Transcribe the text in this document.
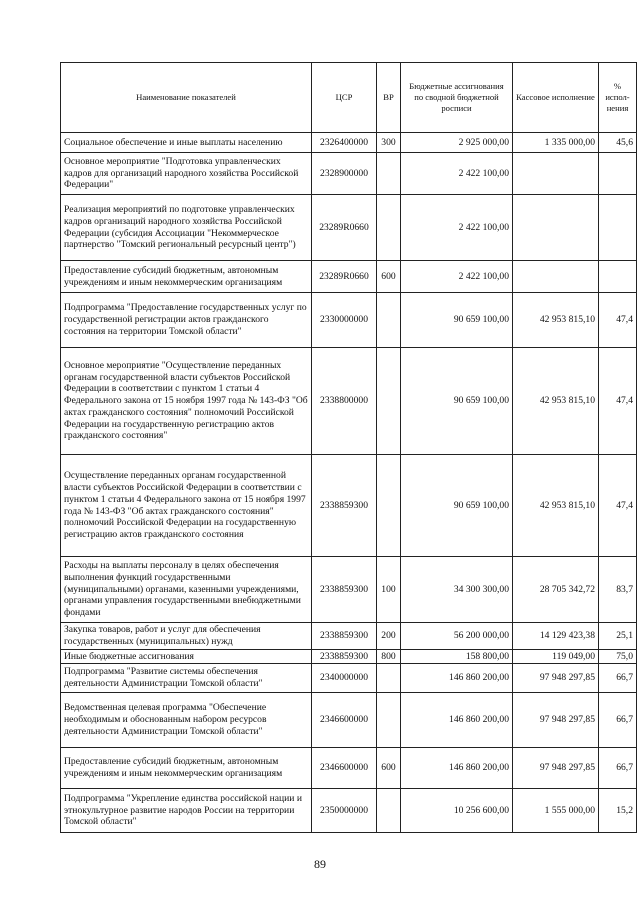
Наименование показателей	ЦСР	ВР	Бюджетные ассигнования по сводной бюджетной росписи	Кассовое исполнение	% испол-нения
Социальное обеспечение и иные выплаты населению	2326400000	300	2 925 000,00	1 335 000,00	45,6
Основное мероприятие "Подготовка управленческих кадров для организаций народного хозяйства Российской Федерации"	2328900000		2 422 100,00		
Реализация мероприятий по подготовке управленческих кадров организаций народного хозяйства Российской Федерации (субсидия Ассоциации "Некоммерческое партнерство "Томский региональный ресурсный центр")	23289R0660		2 422 100,00		
Предоставление субсидий бюджетным, автономным учреждениям и иным некоммерческим организациям	23289R0660	600	2 422 100,00		
Подпрограмма "Предоставление государственных услуг по государственной регистрации актов гражданского состояния на территории Томской области"	2330000000		90 659 100,00	42 953 815,10	47,4
Основное мероприятие "Осуществление переданных органам государственной власти субъектов Российской Федерации в соответствии с пунктом 1 статьи 4 Федерального закона от 15 ноября 1997 года № 143-ФЗ "Об актах гражданского состояния" полномочий Российской Федерации на государственную регистрацию актов гражданского состояния"	2338800000		90 659 100,00	42 953 815,10	47,4
Осуществление переданных органам государственной власти субъектов Российской Федерации в соответствии с пунктом 1 статьи 4 Федерального закона от 15 ноября 1997 года № 143-ФЗ "Об актах гражданского состояния" полномочий Российской Федерации на государственную регистрацию актов гражданского состояния	2338859300		90 659 100,00	42 953 815,10	47,4
Расходы на выплаты персоналу в целях обеспечения выполнения функций государственными (муниципальными) органами, казенными учреждениями, органами управления государственными внебюджетными фондами	2338859300	100	34 300 300,00	28 705 342,72	83,7
Закупка товаров, работ и услуг для обеспечения государственных (муниципальных) нужд	2338859300	200	56 200 000,00	14 129 423,38	25,1
Иные бюджетные ассигнования	2338859300	800	158 800,00	119 049,00	75,0
Подпрограмма "Развитие системы обеспечения деятельности Администрации Томской области"	2340000000		146 860 200,00	97 948 297,85	66,7
Ведомственная целевая программа "Обеспечение необходимым и обоснованным набором ресурсов деятельности Администрации Томской области"	2346600000		146 860 200,00	97 948 297,85	66,7
Предоставление субсидий бюджетным, автономным учреждениям и иным некоммерческим организациям	2346600000	600	146 860 200,00	97 948 297,85	66,7
Подпрограмма "Укрепление единства российской нации и этнокультурное развитие народов России на территории Томской области"	2350000000		10 256 600,00	1 555 000,00	15,2
89
